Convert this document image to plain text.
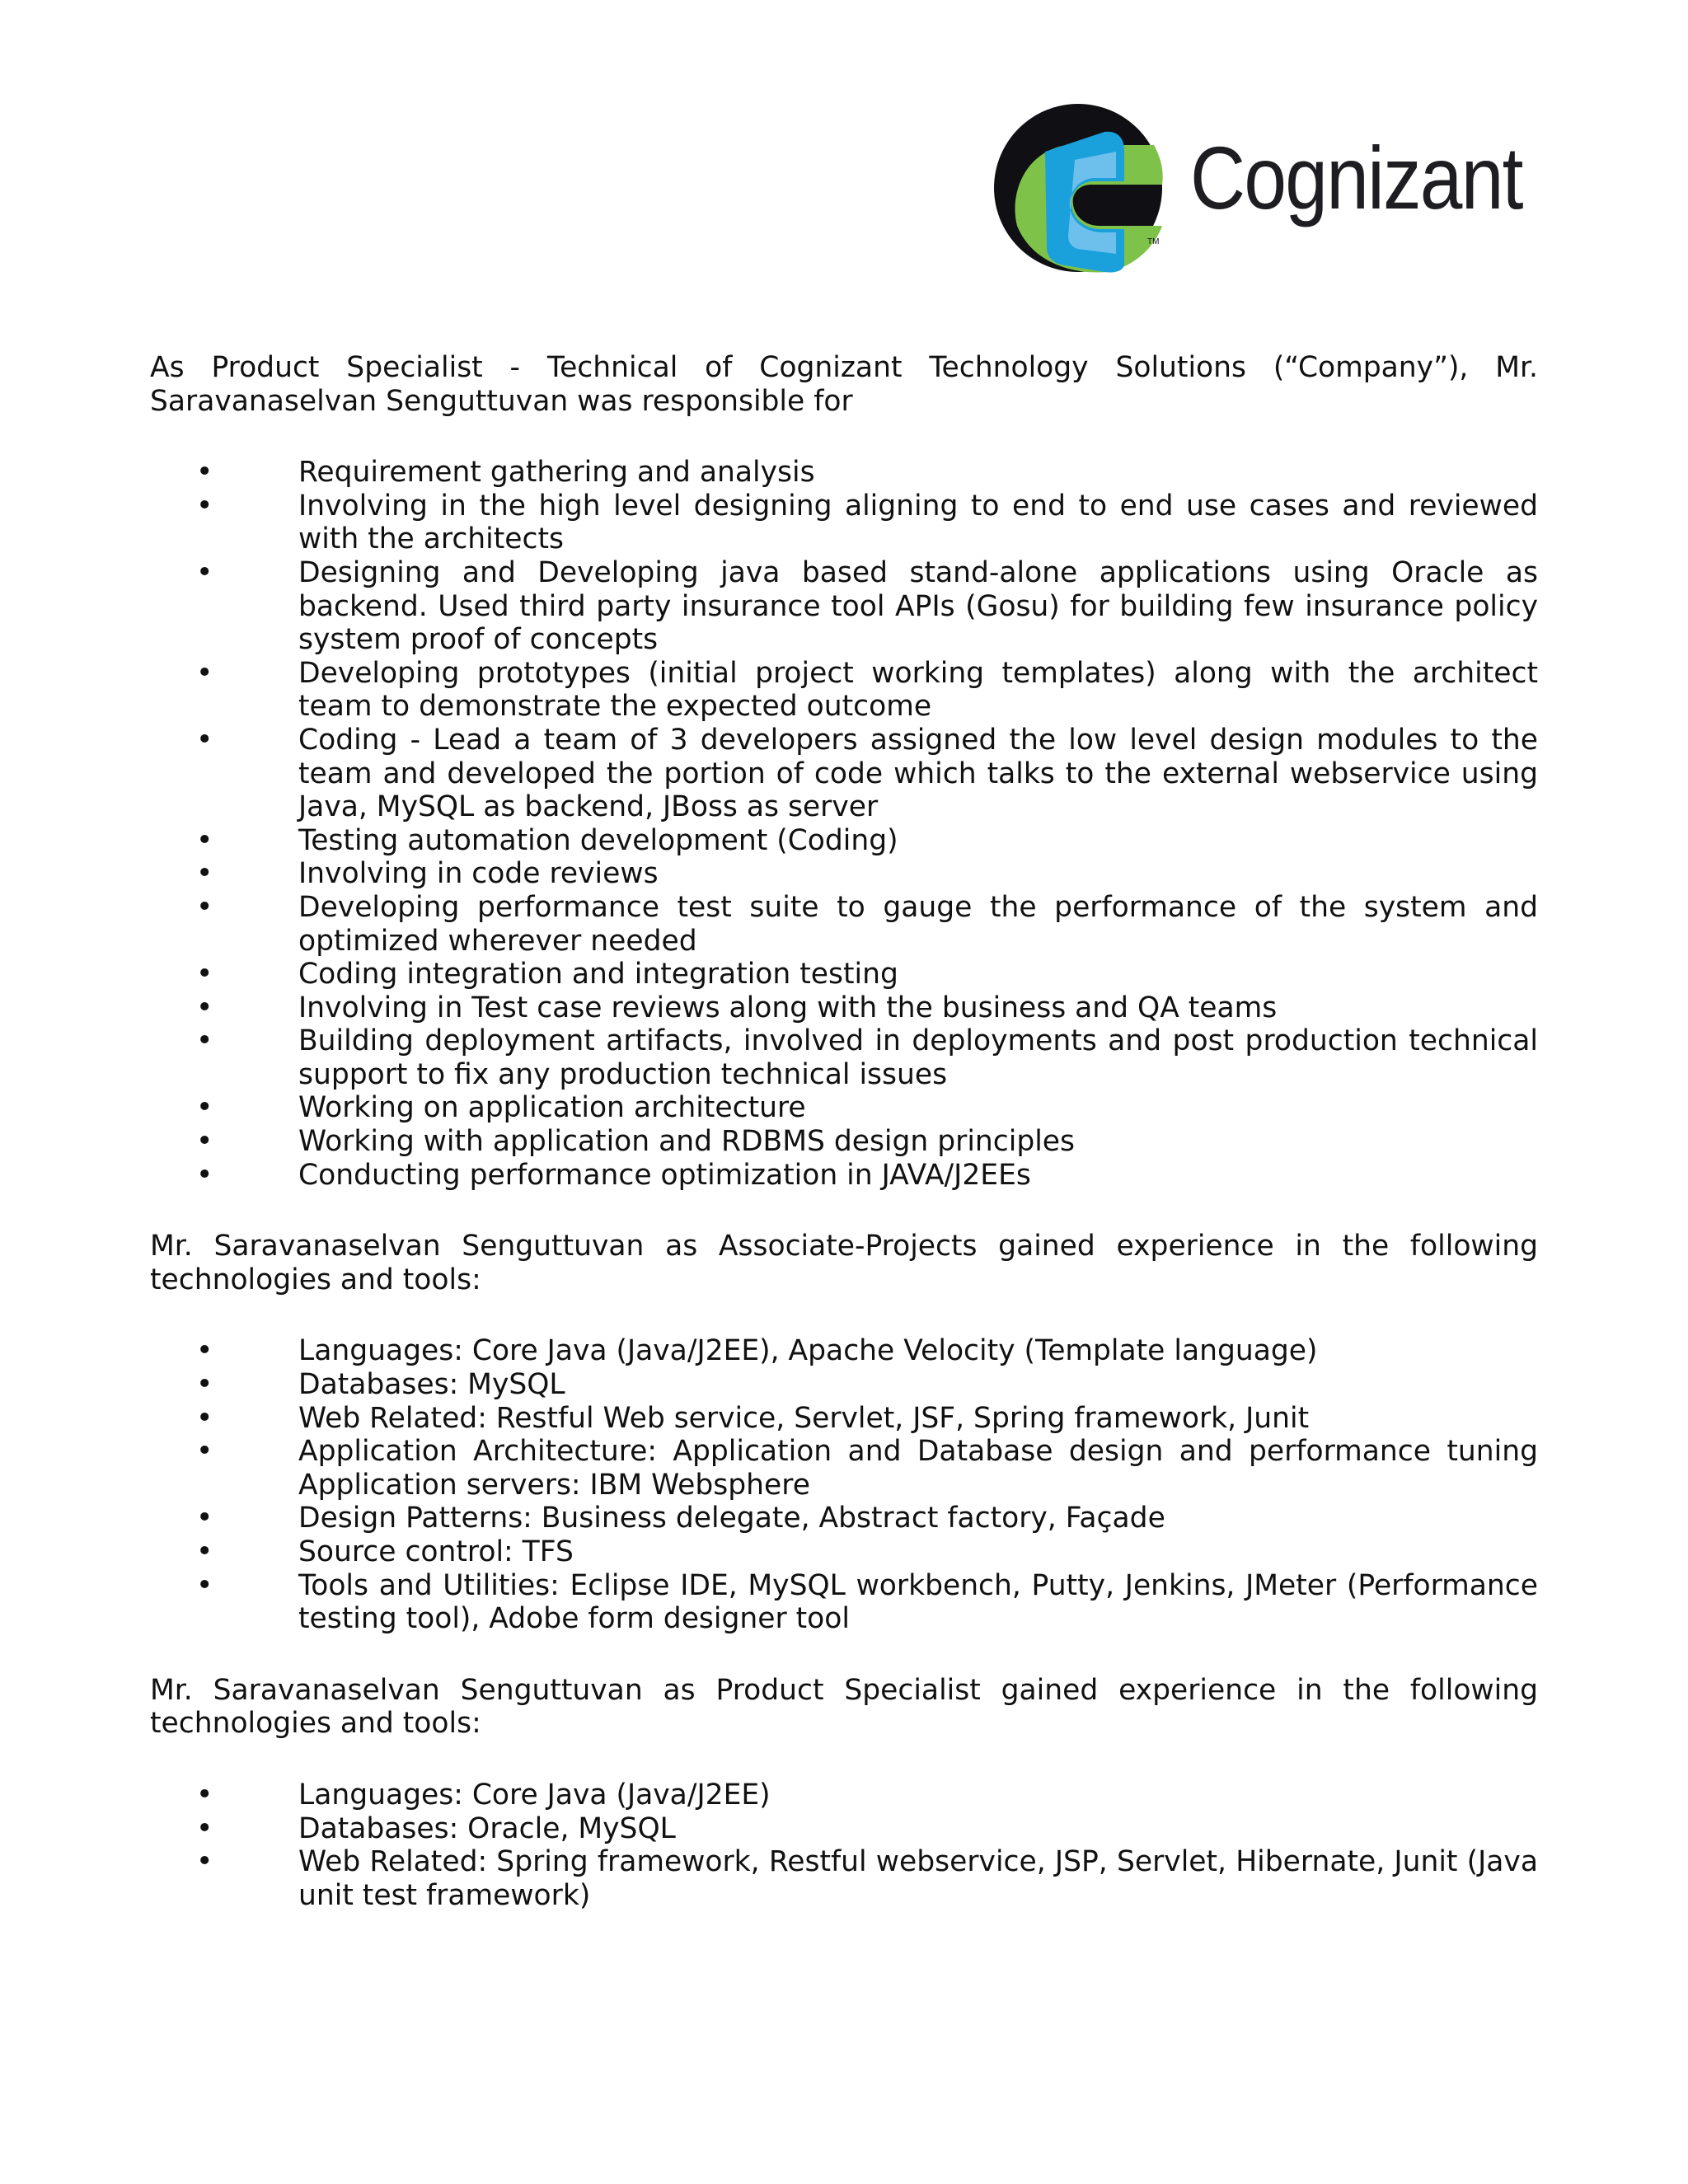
TM
Cognizant

As Product Specialist - Technical of Cognizant Technology Solutions (“Company”), Mr. Saravanaselvan Senguttuvan was responsible for

•	Requirement gathering and analysis
•	Involving in the high level designing aligning to end to end use cases and reviewed with the architects
•	Designing and Developing java based stand-alone applications using Oracle as backend. Used third party insurance tool APIs (Gosu) for building few insurance policy system proof of concepts
•	Developing prototypes (initial project working templates) along with the architect team to demonstrate the expected outcome
•	Coding - Lead a team of 3 developers assigned the low level design modules to the team and developed the portion of code which talks to the external webservice using Java, MySQL as backend, JBoss as server
•	Testing automation development (Coding)
•	Involving in code reviews
•	Developing performance test suite to gauge the performance of the system and optimized wherever needed
•	Coding integration and integration testing
•	Involving in Test case reviews along with the business and QA teams
•	Building deployment artifacts, involved in deployments and post production technical support to fix any production technical issues
•	Working on application architecture
•	Working with application and RDBMS design principles
•	Conducting performance optimization in JAVA/J2EEs

Mr. Saravanaselvan Senguttuvan as Associate-Projects gained experience in the following technologies and tools:

•	Languages: Core Java (Java/J2EE), Apache Velocity (Template language)
•	Databases: MySQL
•	Web Related: Restful Web service, Servlet, JSF, Spring framework, Junit
•	Application Architecture: Application and Database design and performance tuning Application servers: IBM Websphere
•	Design Patterns: Business delegate, Abstract factory, Façade
•	Source control: TFS
•	Tools and Utilities: Eclipse IDE, MySQL workbench, Putty, Jenkins, JMeter (Performance testing tool), Adobe form designer tool

Mr. Saravanaselvan Senguttuvan as Product Specialist gained experience in the following technologies and tools:

•	Languages: Core Java (Java/J2EE)
•	Databases: Oracle, MySQL
•	Web Related: Spring framework, Restful webservice, JSP, Servlet, Hibernate, Junit (Java unit test framework)
